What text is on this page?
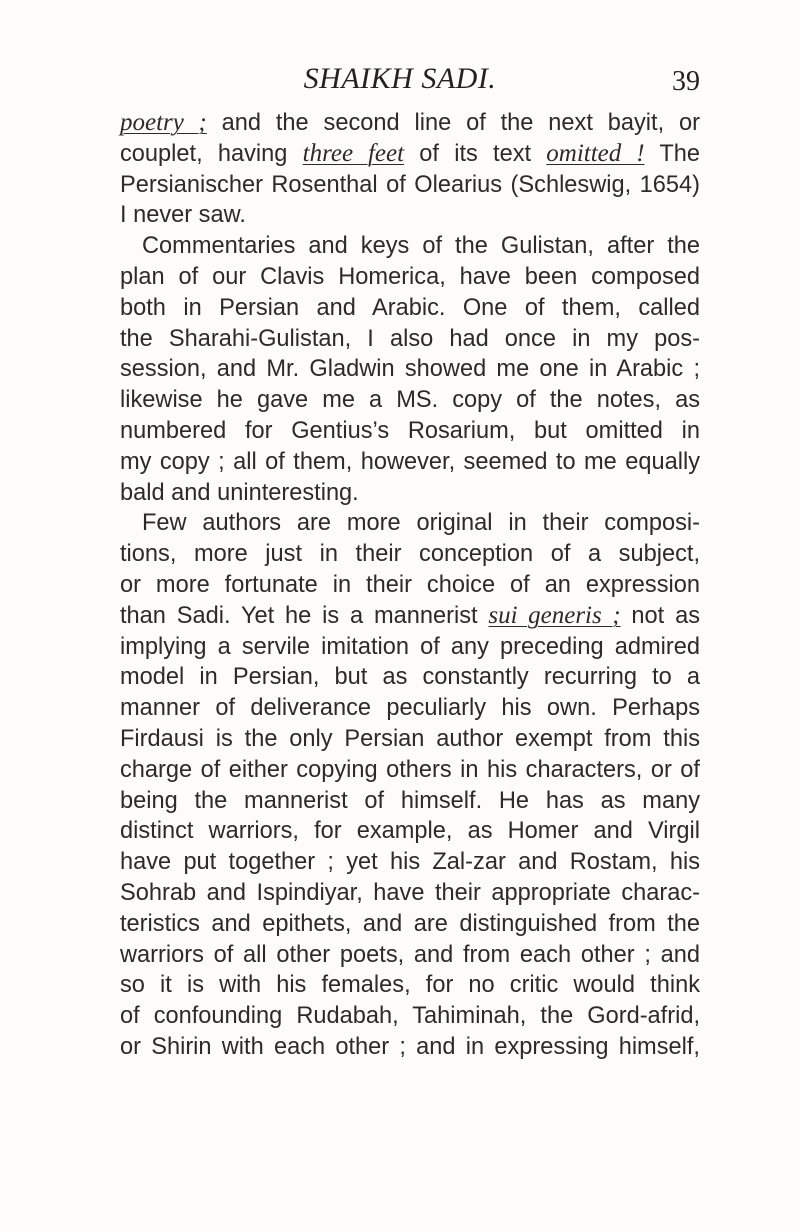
SHAIKH SADI.	39
poetry ; and the second line of the next bayit, or
couplet, having three feet of its text omitted ! The
Persianischer Rosenthal of Olearius (Schleswig, 1654)
I never saw.
Commentaries and keys of the Gulistan, after the
plan of our Clavis Homerica, have been composed
both in Persian and Arabic. One of them, called
the Sharahi-Gulistan, I also had once in my pos-
session, and Mr. Gladwin showed me one in Arabic ;
likewise he gave me a MS. copy of the notes, as
numbered for Gentius’s Rosarium, but omitted in
my copy ; all of them, however, seemed to me equally
bald and uninteresting.
Few authors are more original in their composi-
tions, more just in their conception of a subject,
or more fortunate in their choice of an expression
than Sadi. Yet he is a mannerist sui generis ; not as
implying a servile imitation of any preceding admired
model in Persian, but as constantly recurring to a
manner of deliverance peculiarly his own. Perhaps
Firdausi is the only Persian author exempt from this
charge of either copying others in his characters, or of
being the mannerist of himself. He has as many
distinct warriors, for example, as Homer and Virgil
have put together ; yet his Zal-zar and Rostam, his
Sohrab and Ispindiyar, have their appropriate charac-
teristics and epithets, and are distinguished from the
warriors of all other poets, and from each other ; and
so it is with his females, for no critic would think
of confounding Rudabah, Tahiminah, the Gord-afrid,
or Shirin with each other ; and in expressing himself,
